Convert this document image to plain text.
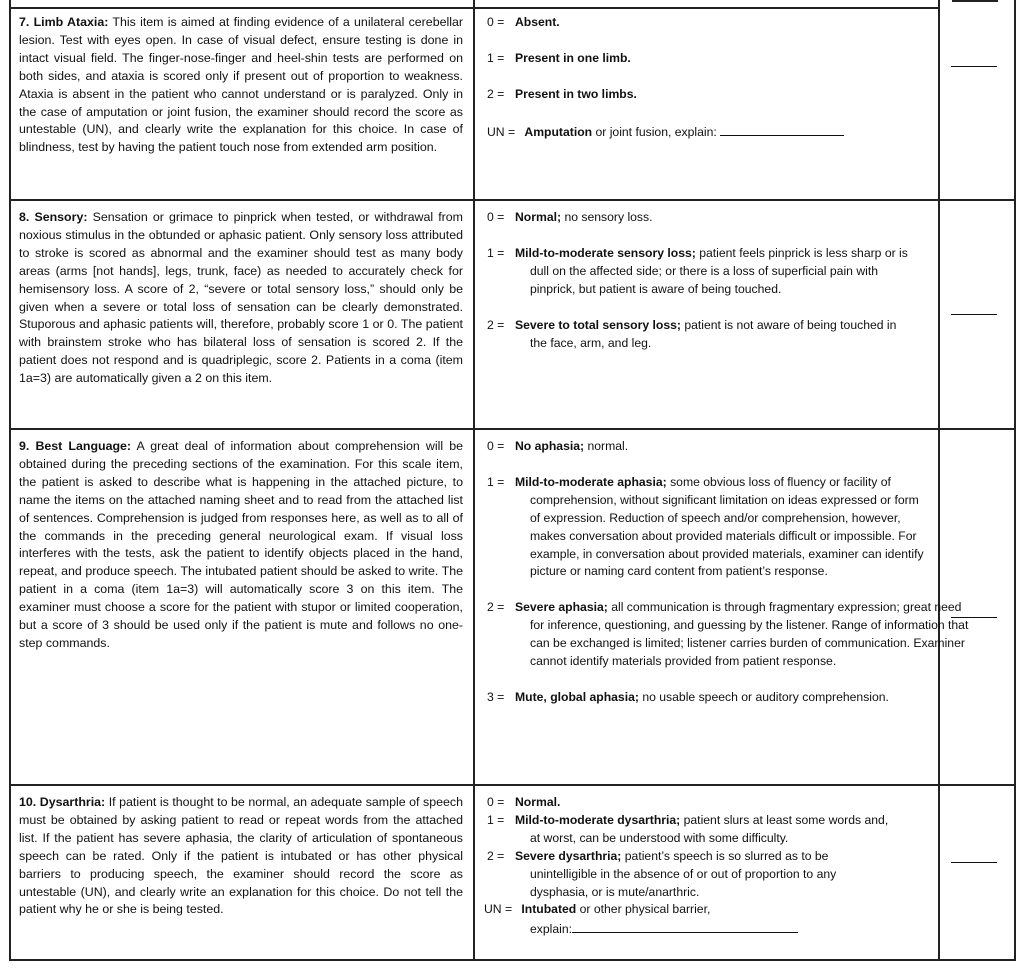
7. Limb Ataxia: This item is aimed at finding evidence of a unilateral cerebellar lesion. Test with eyes open. In case of visual defect, ensure testing is done in intact visual field. The finger-nose-finger and heel-shin tests are performed on both sides, and ataxia is scored only if present out of proportion to weakness. Ataxia is absent in the patient who cannot understand or is paralyzed. Only in the case of amputation or joint fusion, the examiner should record the score as untestable (UN), and clearly write the explanation for this choice. In case of blindness, test by having the patient touch nose from extended arm position.

0 = Absent.

1 = Present in one limb.

2 = Present in two limbs.

UN = Amputation or joint fusion, explain:

8. Sensory: Sensation or grimace to pinprick when tested, or withdrawal from noxious stimulus in the obtunded or aphasic patient. Only sensory loss attributed to stroke is scored as abnormal and the examiner should test as many body areas (arms [not hands], legs, trunk, face) as needed to accurately check for hemisensory loss. A score of 2, “severe or total sensory loss,” should only be given when a severe or total loss of sensation can be clearly demonstrated. Stuporous and aphasic patients will, therefore, probably score 1 or 0. The patient with brainstem stroke who has bilateral loss of sensation is scored 2. If the patient does not respond and is quadriplegic, score 2. Patients in a coma (item 1a=3) are automatically given a 2 on this item.

0 = Normal; no sensory loss.

1 = Mild-to-moderate sensory loss; patient feels pinprick is less sharp or is dull on the affected side; or there is a loss of superficial pain with pinprick, but patient is aware of being touched.

2 = Severe to total sensory loss; patient is not aware of being touched in the face, arm, and leg.

9. Best Language: A great deal of information about comprehension will be obtained during the preceding sections of the examination. For this scale item, the patient is asked to describe what is happening in the attached picture, to name the items on the attached naming sheet and to read from the attached list of sentences. Comprehension is judged from responses here, as well as to all of the commands in the preceding general neurological exam. If visual loss interferes with the tests, ask the patient to identify objects placed in the hand, repeat, and produce speech. The intubated patient should be asked to write. The patient in a coma (item 1a=3) will automatically score 3 on this item. The examiner must choose a score for the patient with stupor or limited cooperation, but a score of 3 should be used only if the patient is mute and follows no one-step commands.

0 = No aphasia; normal.

1 = Mild-to-moderate aphasia; some obvious loss of fluency or facility of comprehension, without significant limitation on ideas expressed or form of expression. Reduction of speech and/or comprehension, however, makes conversation about provided materials difficult or impossible. For example, in conversation about provided materials, examiner can identify picture or naming card content from patient’s response.

2 = Severe aphasia; all communication is through fragmentary expression; great need for inference, questioning, and guessing by the listener. Range of information that can be exchanged is limited; listener carries burden of communication. Examiner cannot identify materials provided from patient response.

3 = Mute, global aphasia; no usable speech or auditory comprehension.

10. Dysarthria: If patient is thought to be normal, an adequate sample of speech must be obtained by asking patient to read or repeat words from the attached list. If the patient has severe aphasia, the clarity of articulation of spontaneous speech can be rated. Only if the patient is intubated or has other physical barriers to producing speech, the examiner should record the score as untestable (UN), and clearly write an explanation for this choice. Do not tell the patient why he or she is being tested.

0 = Normal.

1 = Mild-to-moderate dysarthria; patient slurs at least some words and, at worst, can be understood with some difficulty.

2 = Severe dysarthria; patient’s speech is so slurred as to be unintelligible in the absence of or out of proportion to any dysphasia, or is mute/anarthric.

UN = Intubated or other physical barrier,

explain:
